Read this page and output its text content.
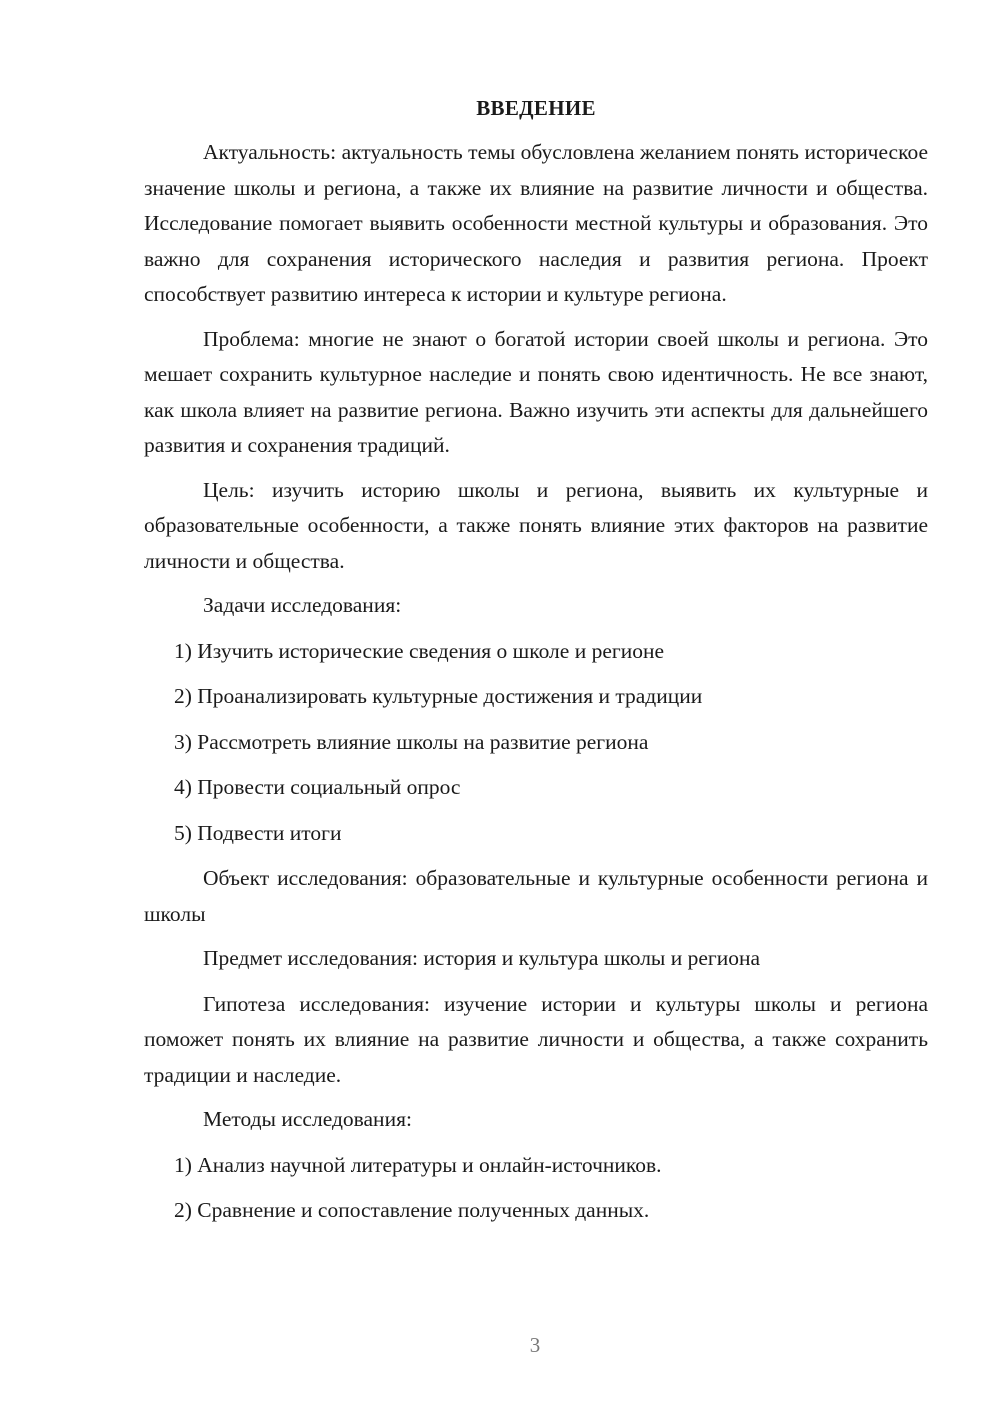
ВВЕДЕНИЕ

Актуальность: актуальность темы обусловлена желанием понять историческое значение школы и региона, а также их влияние на развитие личности и общества. Исследование помогает выявить особенности местной культуры и образования. Это важно для сохранения исторического наследия и развития региона. Проект способствует развитию интереса к истории и культуре региона.

Проблема: многие не знают о богатой истории своей школы и региона. Это мешает сохранить культурное наследие и понять свою идентичность. Не все знают, как школа влияет на развитие региона. Важно изучить эти аспекты для дальнейшего развития и сохранения традиций.

Цель: изучить историю школы и региона, выявить их культурные и образовательные особенности, а также понять влияние этих факторов на развитие личности и общества.

Задачи исследования:

1) Изучить исторические сведения о школе и регионе
2) Проанализировать культурные достижения и традиции
3) Рассмотреть влияние школы на развитие региона
4) Провести социальный опрос
5) Подвести итоги

Объект исследования: образовательные и культурные особенности региона и школы

Предмет исследования: история и культура школы и региона

Гипотеза исследования: изучение истории и культуры школы и региона поможет понять их влияние на развитие личности и общества, а также сохранить традиции и наследие.

Методы исследования:

1) Анализ научной литературы и онлайн-источников.
2) Сравнение и сопоставление полученных данных.
3
